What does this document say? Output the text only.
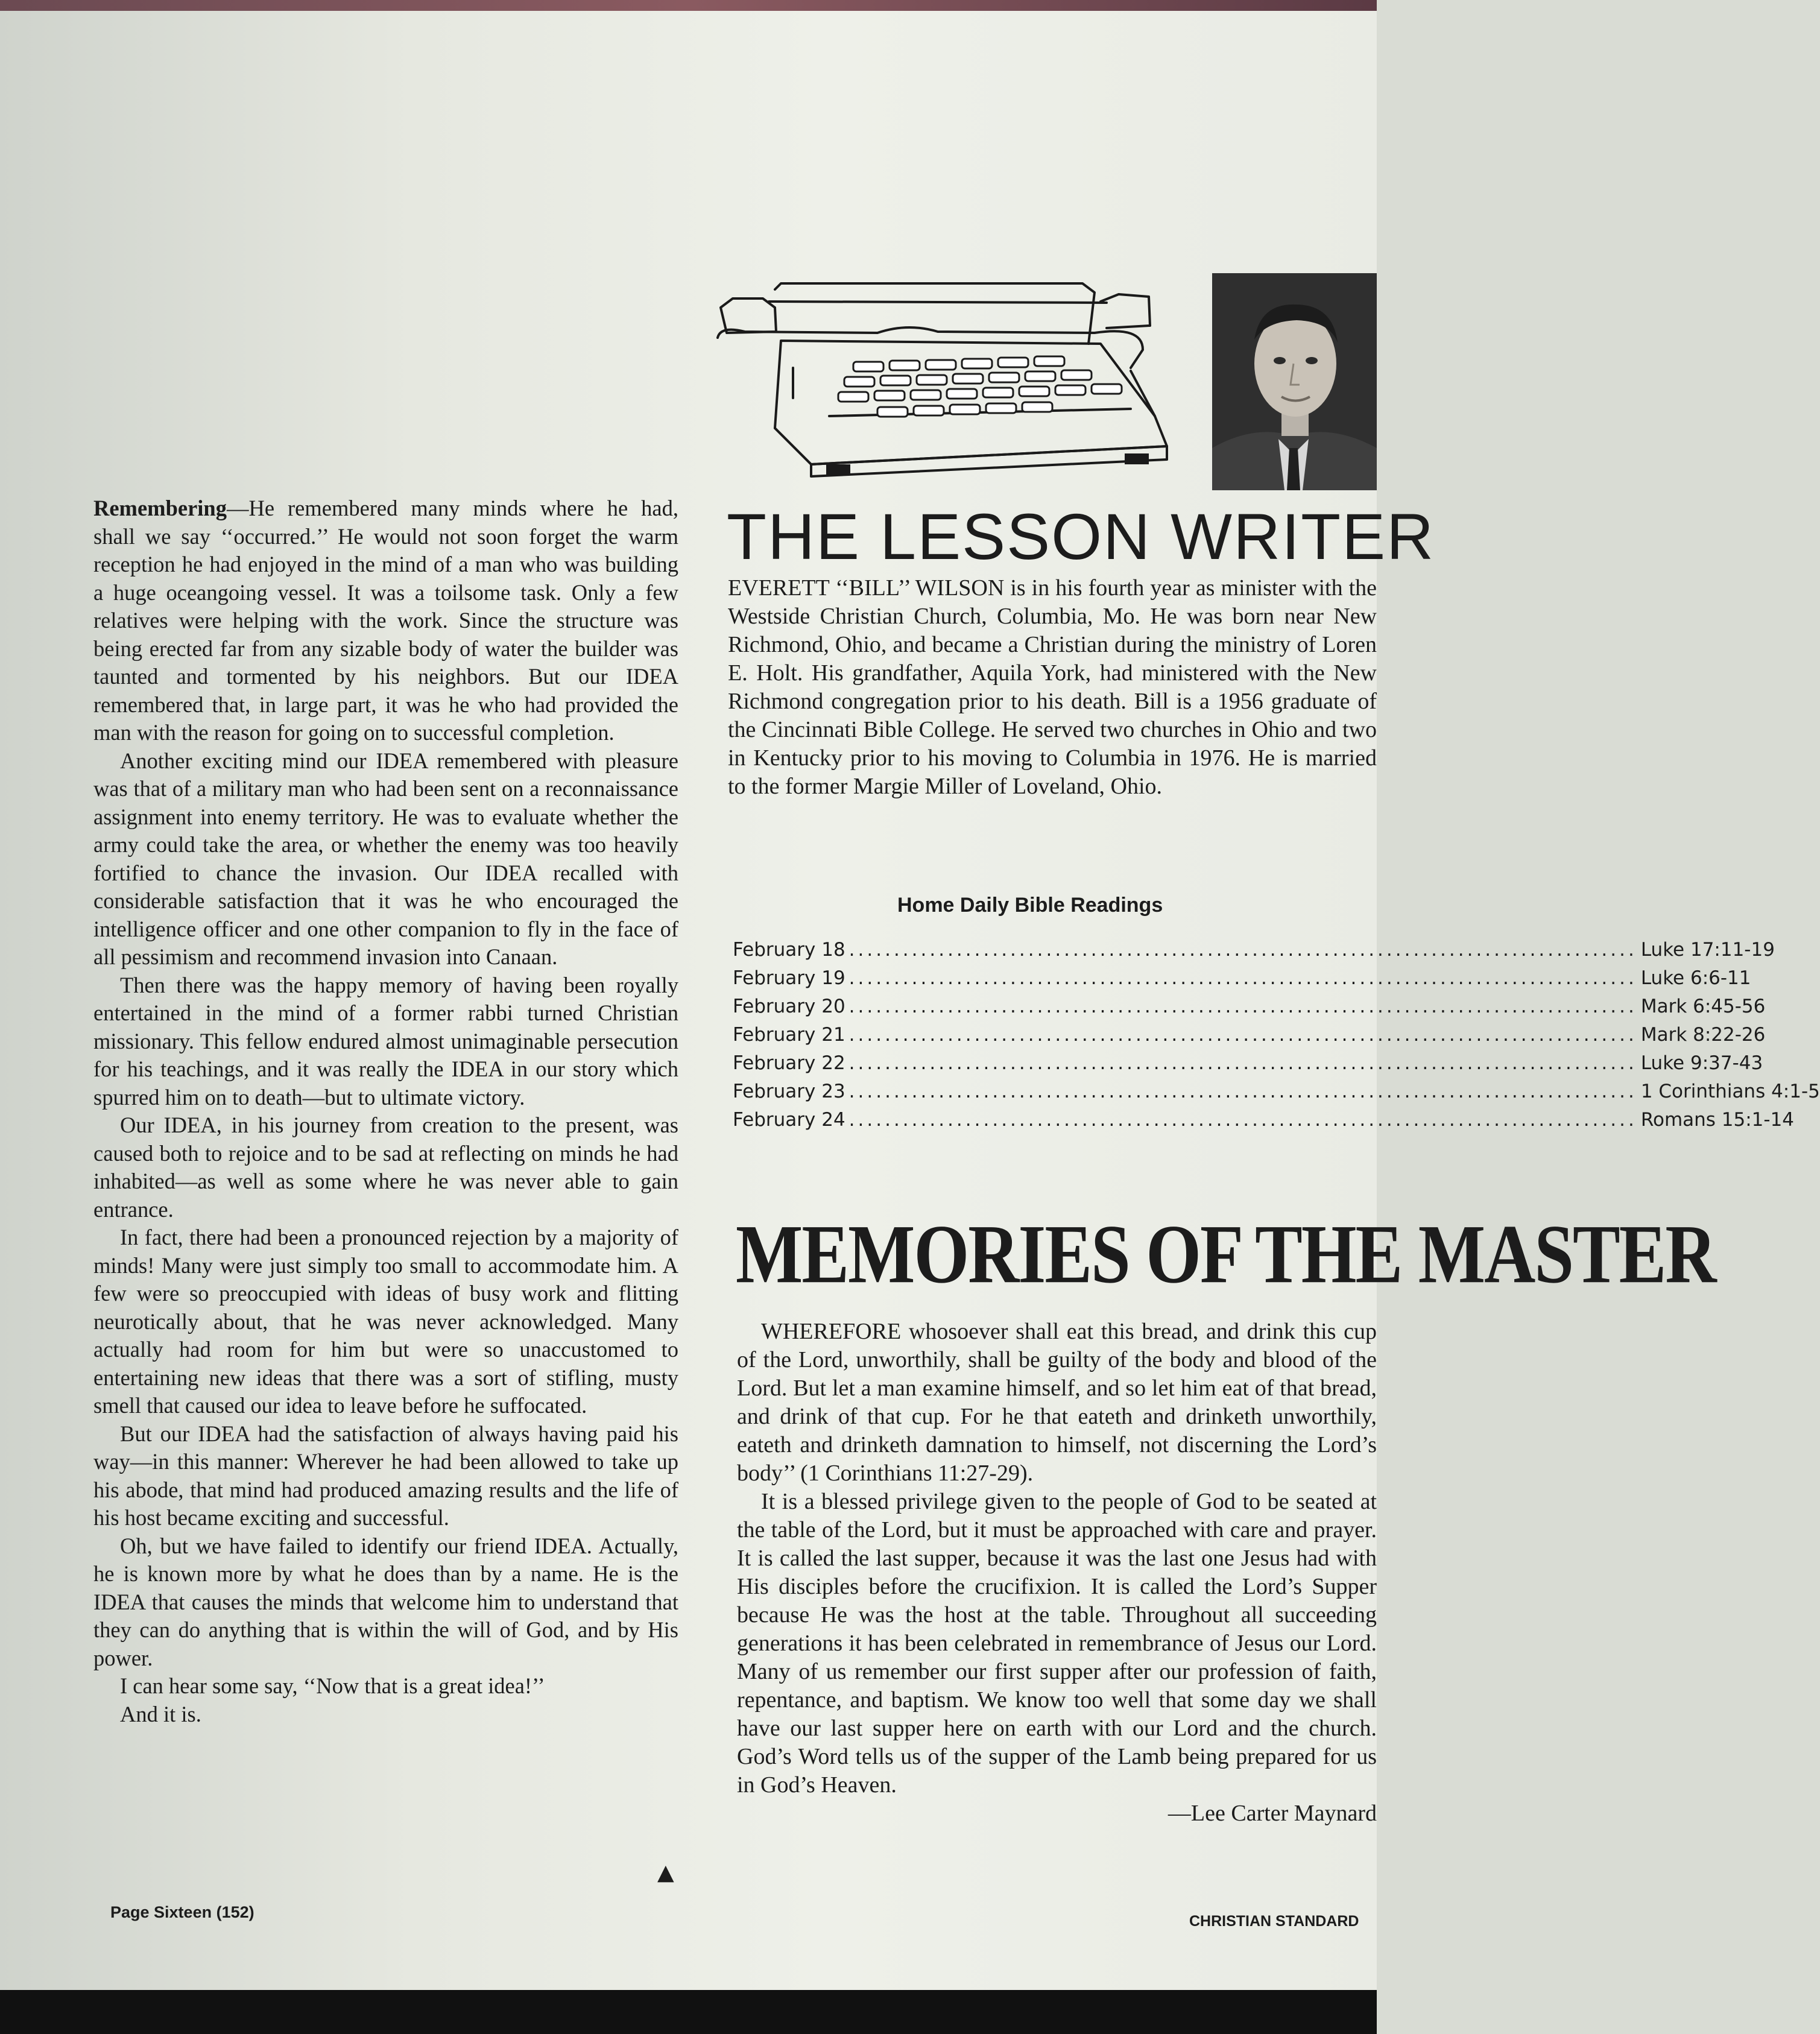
Remembering—He remembered many minds where he had, shall we say ‘‘occurred.’’ He would not soon forget the warm reception he had enjoyed in the mind of a man who was building a huge oceangoing vessel. It was a toilsome task. Only a few relatives were helping with the work. Since the structure was being erected far from any sizable body of water the builder was taunted and tormented by his neighbors. But our IDEA remembered that, in large part, it was he who had provided the man with the reason for going on to successful completion.

Another exciting mind our IDEA remembered with pleasure was that of a military man who had been sent on a reconnaissance assignment into enemy territory. He was to evaluate whether the army could take the area, or whether the enemy was too heavily fortified to chance the invasion. Our IDEA recalled with considerable satisfaction that it was he who encouraged the intelligence officer and one other companion to fly in the face of all pessimism and recommend invasion into Canaan.

Then there was the happy memory of having been royally entertained in the mind of a former rabbi turned Christian missionary. This fellow endured almost unimaginable persecution for his teachings, and it was really the IDEA in our story which spurred him on to death—but to ultimate victory.

Our IDEA, in his journey from creation to the present, was caused both to rejoice and to be sad at reflecting on minds he had inhabited—as well as some where he was never able to gain entrance.

In fact, there had been a pronounced rejection by a majority of minds! Many were just simply too small to accommodate him. A few were so preoccupied with ideas of busy work and flitting neurotically about, that he was never acknowledged. Many actually had room for him but were so unaccustomed to entertaining new ideas that there was a sort of stifling, musty smell that caused our idea to leave before he suffocated.

But our IDEA had the satisfaction of always having paid his way—in this manner: Wherever he had been allowed to take up his abode, that mind had produced amazing results and the life of his host became exciting and successful.

Oh, but we have failed to identify our friend IDEA. Actually, he is known more by what he does than by a name. He is the IDEA that causes the minds that welcome him to understand that they can do anything that is within the will of God, and by His power.

I can hear some say, ‘‘Now that is a great idea!’’

And it is.

▲
THE LESSON WRITER

EVERETT ‘‘BILL’’ WILSON is in his fourth year as minister with the Westside Christian Church, Columbia, Mo. He was born near New Richmond, Ohio, and became a Christian during the ministry of Loren E. Holt. His grandfather, Aquila York, had ministered with the New Richmond congregation prior to his death. Bill is a 1956 graduate of the Cincinnati Bible College. He served two churches in Ohio and two in Kentucky prior to his moving to Columbia in 1976. He is married to the former Margie Miller of Loveland, Ohio.

Home Daily Bible Readings
February 18 ........................................................................................ Luke 17:11-19
February 19 ........................................................................................ Luke 6:6-11
February 20 ........................................................................................ Mark 6:45-56
February 21 ........................................................................................ Mark 8:22-26
February 22 ........................................................................................ Luke 9:37-43
February 23 ........................................................................................ 1 Corinthians 4:1-5
February 24 ........................................................................................ Romans 15:1-14
MEMORIES OF THE MASTER

WHEREFORE whosoever shall eat this bread, and drink this cup of the Lord, unworthily, shall be guilty of the body and blood of the Lord. But let a man examine himself, and so let him eat of that bread, and drink of that cup. For he that eateth and drinketh unworthily, eateth and drinketh damnation to himself, not discerning the Lord’s body’’ (1 Corinthians 11:27-29).

It is a blessed privilege given to the people of God to be seated at the table of the Lord, but it must be approached with care and prayer. It is called the last supper, because it was the last one Jesus had with His disciples before the crucifixion. It is called the Lord’s Supper because He was the host at the table. Throughout all succeeding generations it has been celebrated in remembrance of Jesus our Lord. Many of us remember our first supper after our profession of faith, repentance, and baptism. We know too well that some day we shall have our last supper here on earth with our Lord and the church. God’s Word tells us of the supper of the Lamb being prepared for us in God’s Heaven.

—Lee Carter Maynard
Page Sixteen (152)	CHRISTIAN STANDARD
